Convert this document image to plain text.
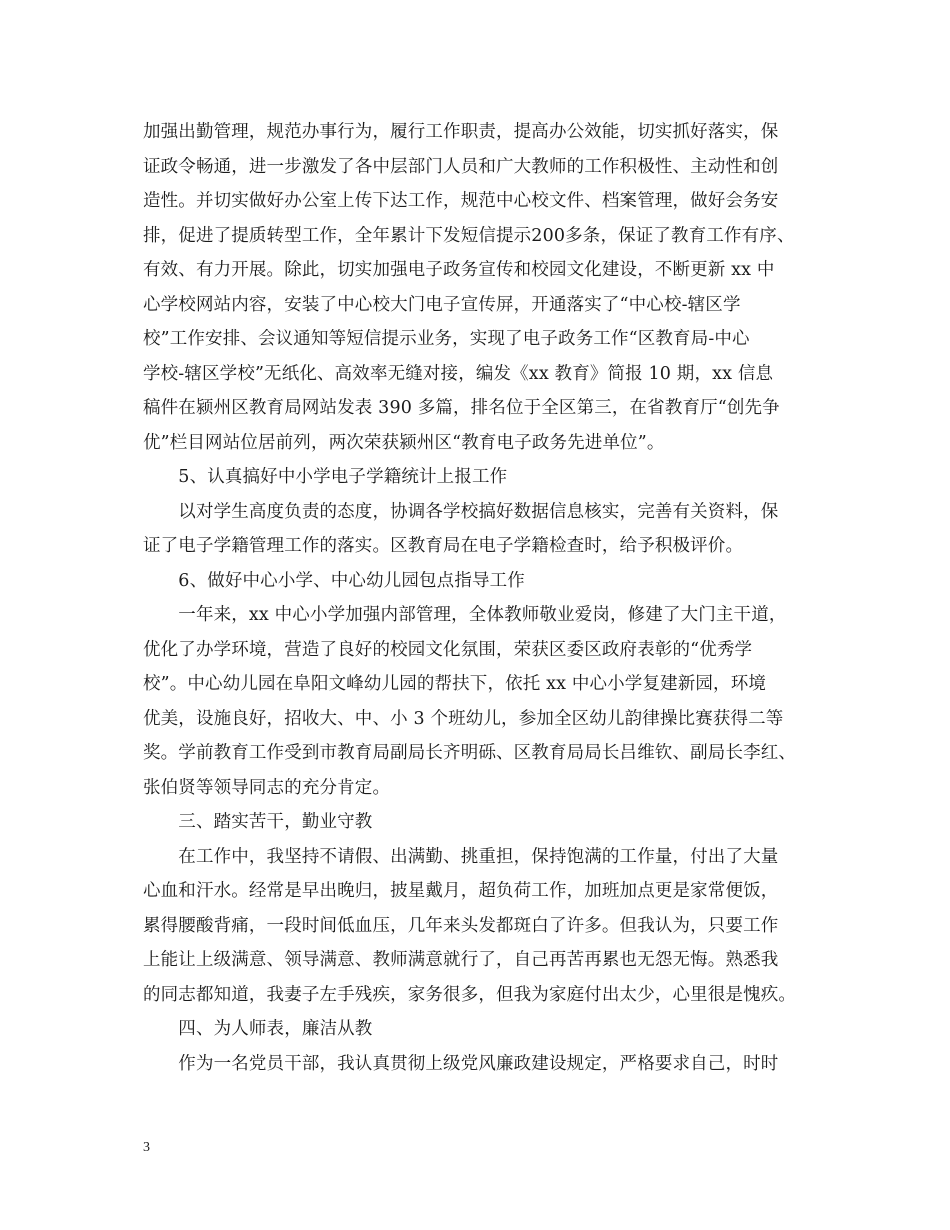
加强出勤管理，规范办事行为，履行工作职责，提高办公效能，切实抓好落实，保
证政令畅通，进一步激发了各中层部门人员和广大教师的工作积极性、主动性和创
造性。并切实做好办公室上传下达工作，规范中心校文件、档案管理，做好会务安
排，促进了提质转型工作，全年累计下发短信提示200多条，保证了教育工作有序、
有效、有力开展。除此，切实加强电子政务宣传和校园文化建设，不断更新 xx 中
心学校网站内容，安装了中心校大门电子宣传屏，开通落实了“中心校-辖区学
校”工作安排、会议通知等短信提示业务，实现了电子政务工作“区教育局-中心
学校-辖区学校”无纸化、高效率无缝对接，编发《xx 教育》简报 10 期，xx 信息
稿件在颍州区教育局网站发表 390 多篇，排名位于全区第三，在省教育厅“创先争
优”栏目网站位居前列，两次荣获颍州区“教育电子政务先进单位”。
　　5、认真搞好中小学电子学籍统计上报工作
　　以对学生高度负责的态度，协调各学校搞好数据信息核实，完善有关资料，保
证了电子学籍管理工作的落实。区教育局在电子学籍检查时，给予积极评价。
　　6、做好中心小学、中心幼儿园包点指导工作
　　一年来，xx 中心小学加强内部管理，全体教师敬业爱岗，修建了大门主干道，
优化了办学环境，营造了良好的校园文化氛围，荣获区委区政府表彰的“优秀学
校”。中心幼儿园在阜阳文峰幼儿园的帮扶下，依托 xx 中心小学复建新园，环境
优美，设施良好，招收大、中、小 3 个班幼儿，参加全区幼儿韵律操比赛获得二等
奖。学前教育工作受到市教育局副局长齐明砾、区教育局局长吕维钦、副局长李红、
张伯贤等领导同志的充分肯定。
　　三、踏实苦干，勤业守教
　　在工作中，我坚持不请假、出满勤、挑重担，保持饱满的工作量，付出了大量
心血和汗水。经常是早出晚归，披星戴月，超负荷工作，加班加点更是家常便饭，
累得腰酸背痛，一段时间低血压，几年来头发都斑白了许多。但我认为，只要工作
上能让上级满意、领导满意、教师满意就行了，自己再苦再累也无怨无悔。熟悉我
的同志都知道，我妻子左手残疾，家务很多，但我为家庭付出太少，心里很是愧疚。
　　四、为人师表，廉洁从教
　　作为一名党员干部，我认真贯彻上级党风廉政建设规定，严格要求自己，时时
3
